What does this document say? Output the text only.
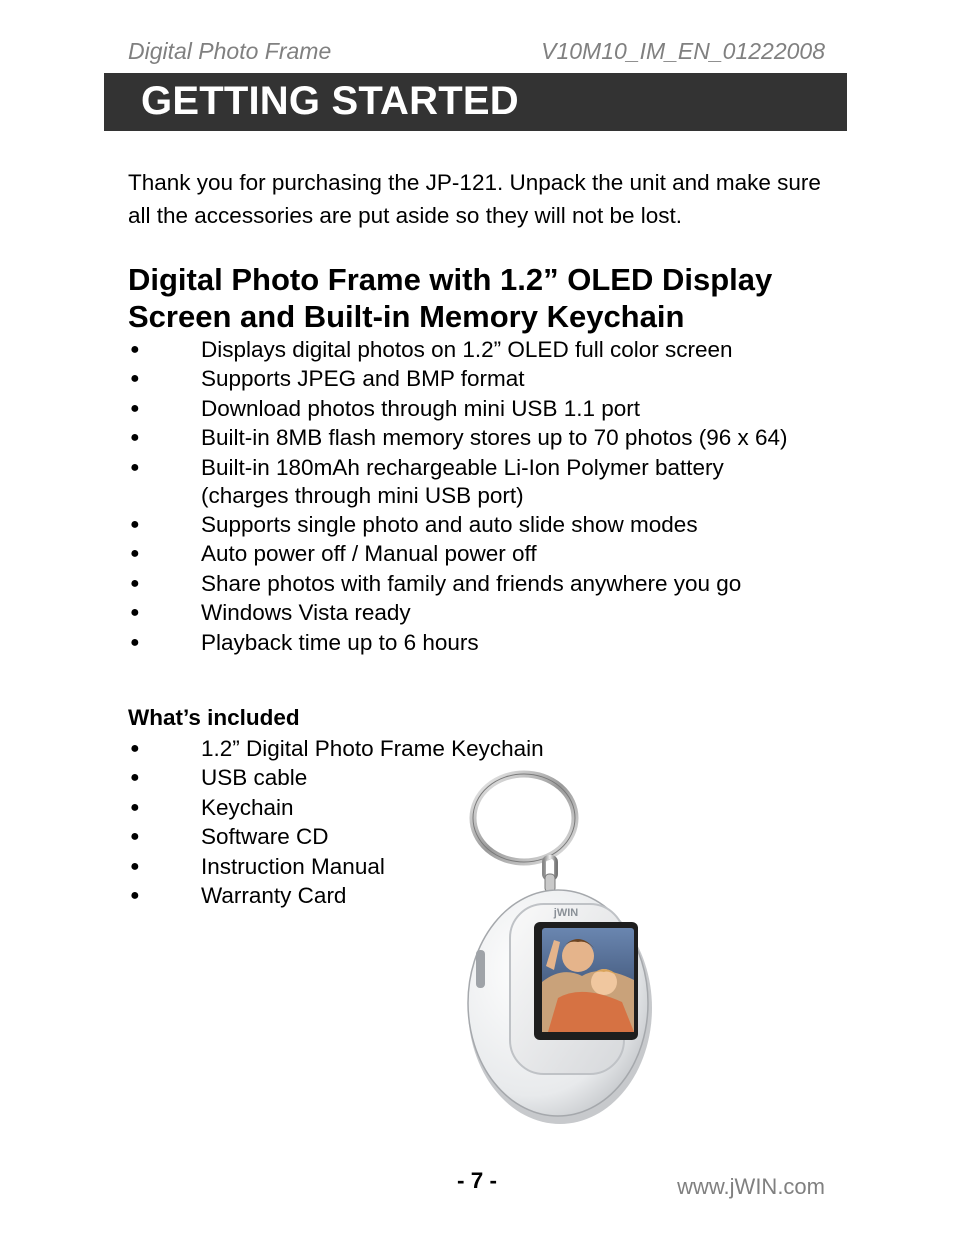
Digital Photo Frame	V10M10_IM_EN_01222008
GETTING STARTED

Thank you for purchasing the JP-121. Unpack the unit and make sure all the accessories are put aside so they will not be lost.

Digital Photo Frame with 1.2” OLED Display Screen and Built-in Memory Keychain
●	Displays digital photos on 1.2” OLED full color screen
●	Supports JPEG and BMP format
●	Download photos through mini USB 1.1 port
●	Built-in 8MB flash memory stores up to 70 photos (96 x 64)
●	Built-in 180mAh rechargeable Li-Ion Polymer battery (charges through mini USB port)
●	Supports single photo and auto slide show modes
●	Auto power off / Manual power off
●	Share photos with family and friends anywhere you go
●	Windows Vista ready
●	Playback time up to 6 hours
What’s included
●	1.2” Digital Photo Frame Keychain
●	USB cable
●	Keychain
●	Software CD
●	Instruction Manual
●	Warranty Card
jWIN
- 7 -	www.jWIN.com
